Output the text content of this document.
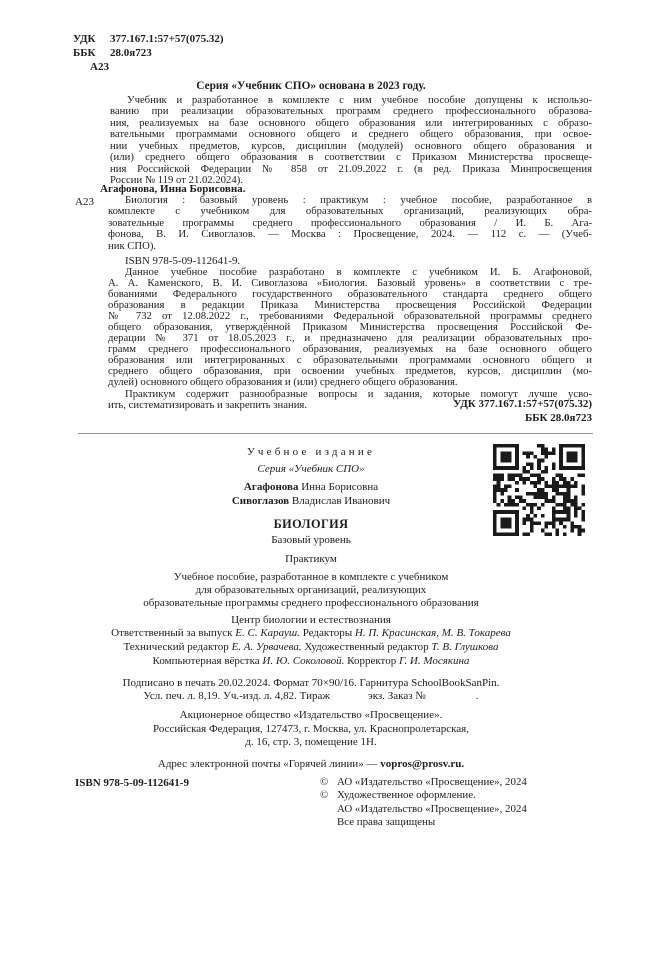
УДК 377.167.1:57+57(075.32)
ББК 28.0я723
А23
Серия «Учебник СПО» основана в 2023 году.
Учебник и разработанное в комплекте с ним учебное пособие допущены к использо-
ванию при реализации образовательных программ среднего профессионального образова-
ния, реализуемых на базе основного общего образования или интегрированных с образо-
вательными программами основного общего и среднего общего образования, при освое-
нии учебных предметов, курсов, дисциплин (модулей) основного общего образования и
(или) среднего общего образования в соответствии с Приказом Министерства просвеще-
ния Российской Федерации № 858 от 21.09.2022 г. (в ред. Приказа Минпросвещения
России № 119 от 21.02.2024).
Агафонова, Инна Борисовна.
А23	Биология : базовый уровень : практикум : учебное пособие, разработанное в
комплекте с учебником для образовательных организаций, реализующих обра-
зовательные программы среднего профессионального образования / И. Б. Ага-
фонова, В. И. Сивоглазов. — Москва : Просвещение, 2024. — 112 с. — (Учеб-
ник СПО).
ISBN 978-5-09-112641-9.
Данное учебное пособие разработано в комплекте с учебником И. Б. Агафоновой,
А. А. Каменского, В. И. Сивоглазова «Биология. Базовый уровень» в соответствии с тре-
бованиями Федерального государственного образовательного стандарта среднего общего
образования в редакции Приказа Министерства просвещения Российской Федерации
№ 732 от 12.08.2022 г., требованиями Федеральной образовательной программы среднего
общего образования, утверждённой Приказом Министерства просвещения Российской Фе-
дерации № 371 от 18.05.2023 г., и предназначено для реализации образовательных про-
грамм среднего профессионального образования, реализуемых на базе основного общего
образования или интегрированных с образовательными программами основного общего и
среднего общего образования, при освоении учебных предметов, курсов, дисциплин (мо-
дулей) основного общего образования и (или) среднего общего образования.
Практикум содержит разнообразные вопросы и задания, которые помогут лучше усво-
ить, систематизировать и закрепить знания.	УДК 377.167.1:57+57(075.32)
ББК 28.0я723
Учебное издание
Серия «Учебник СПО»
Агафонова Инна Борисовна
Сивоглазов Владислав Иванович
БИОЛОГИЯ
Базовый уровень
Практикум
Учебное пособие, разработанное в комплекте с учебником
для образовательных организаций, реализующих
образовательные программы среднего профессионального образования
Центр биологии и естествознания
Ответственный за выпуск Е. С. Карауш. Редакторы Н. П. Красинская, М. В. Токарева
Технический редактор Е. А. Урвачева. Художественный редактор Т. В. Глушкова
Компьютерная вёрстка И. Ю. Соколовой. Корректор Г. И. Мосякина
Подписано в печать 20.02.2024. Формат 70×90/16. Гарнитура SchoolBookSanPin.
Усл. печ. л. 8,19. Уч.-изд. л. 4,82. Тираж	экз. Заказ №	.
Акционерное общество «Издательство «Просвещение».
Российская Федерация, 127473, г. Москва, ул. Краснопролетарская,
д. 16, стр. 3, помещение 1Н.
Адрес электронной почты «Горячей линии» — vopros@prosv.ru.
ISBN 978-5-09-112641-9	© АО «Издательство «Просвещение», 2024
© Художественное оформление.
АО «Издательство «Просвещение», 2024
Все права защищены
